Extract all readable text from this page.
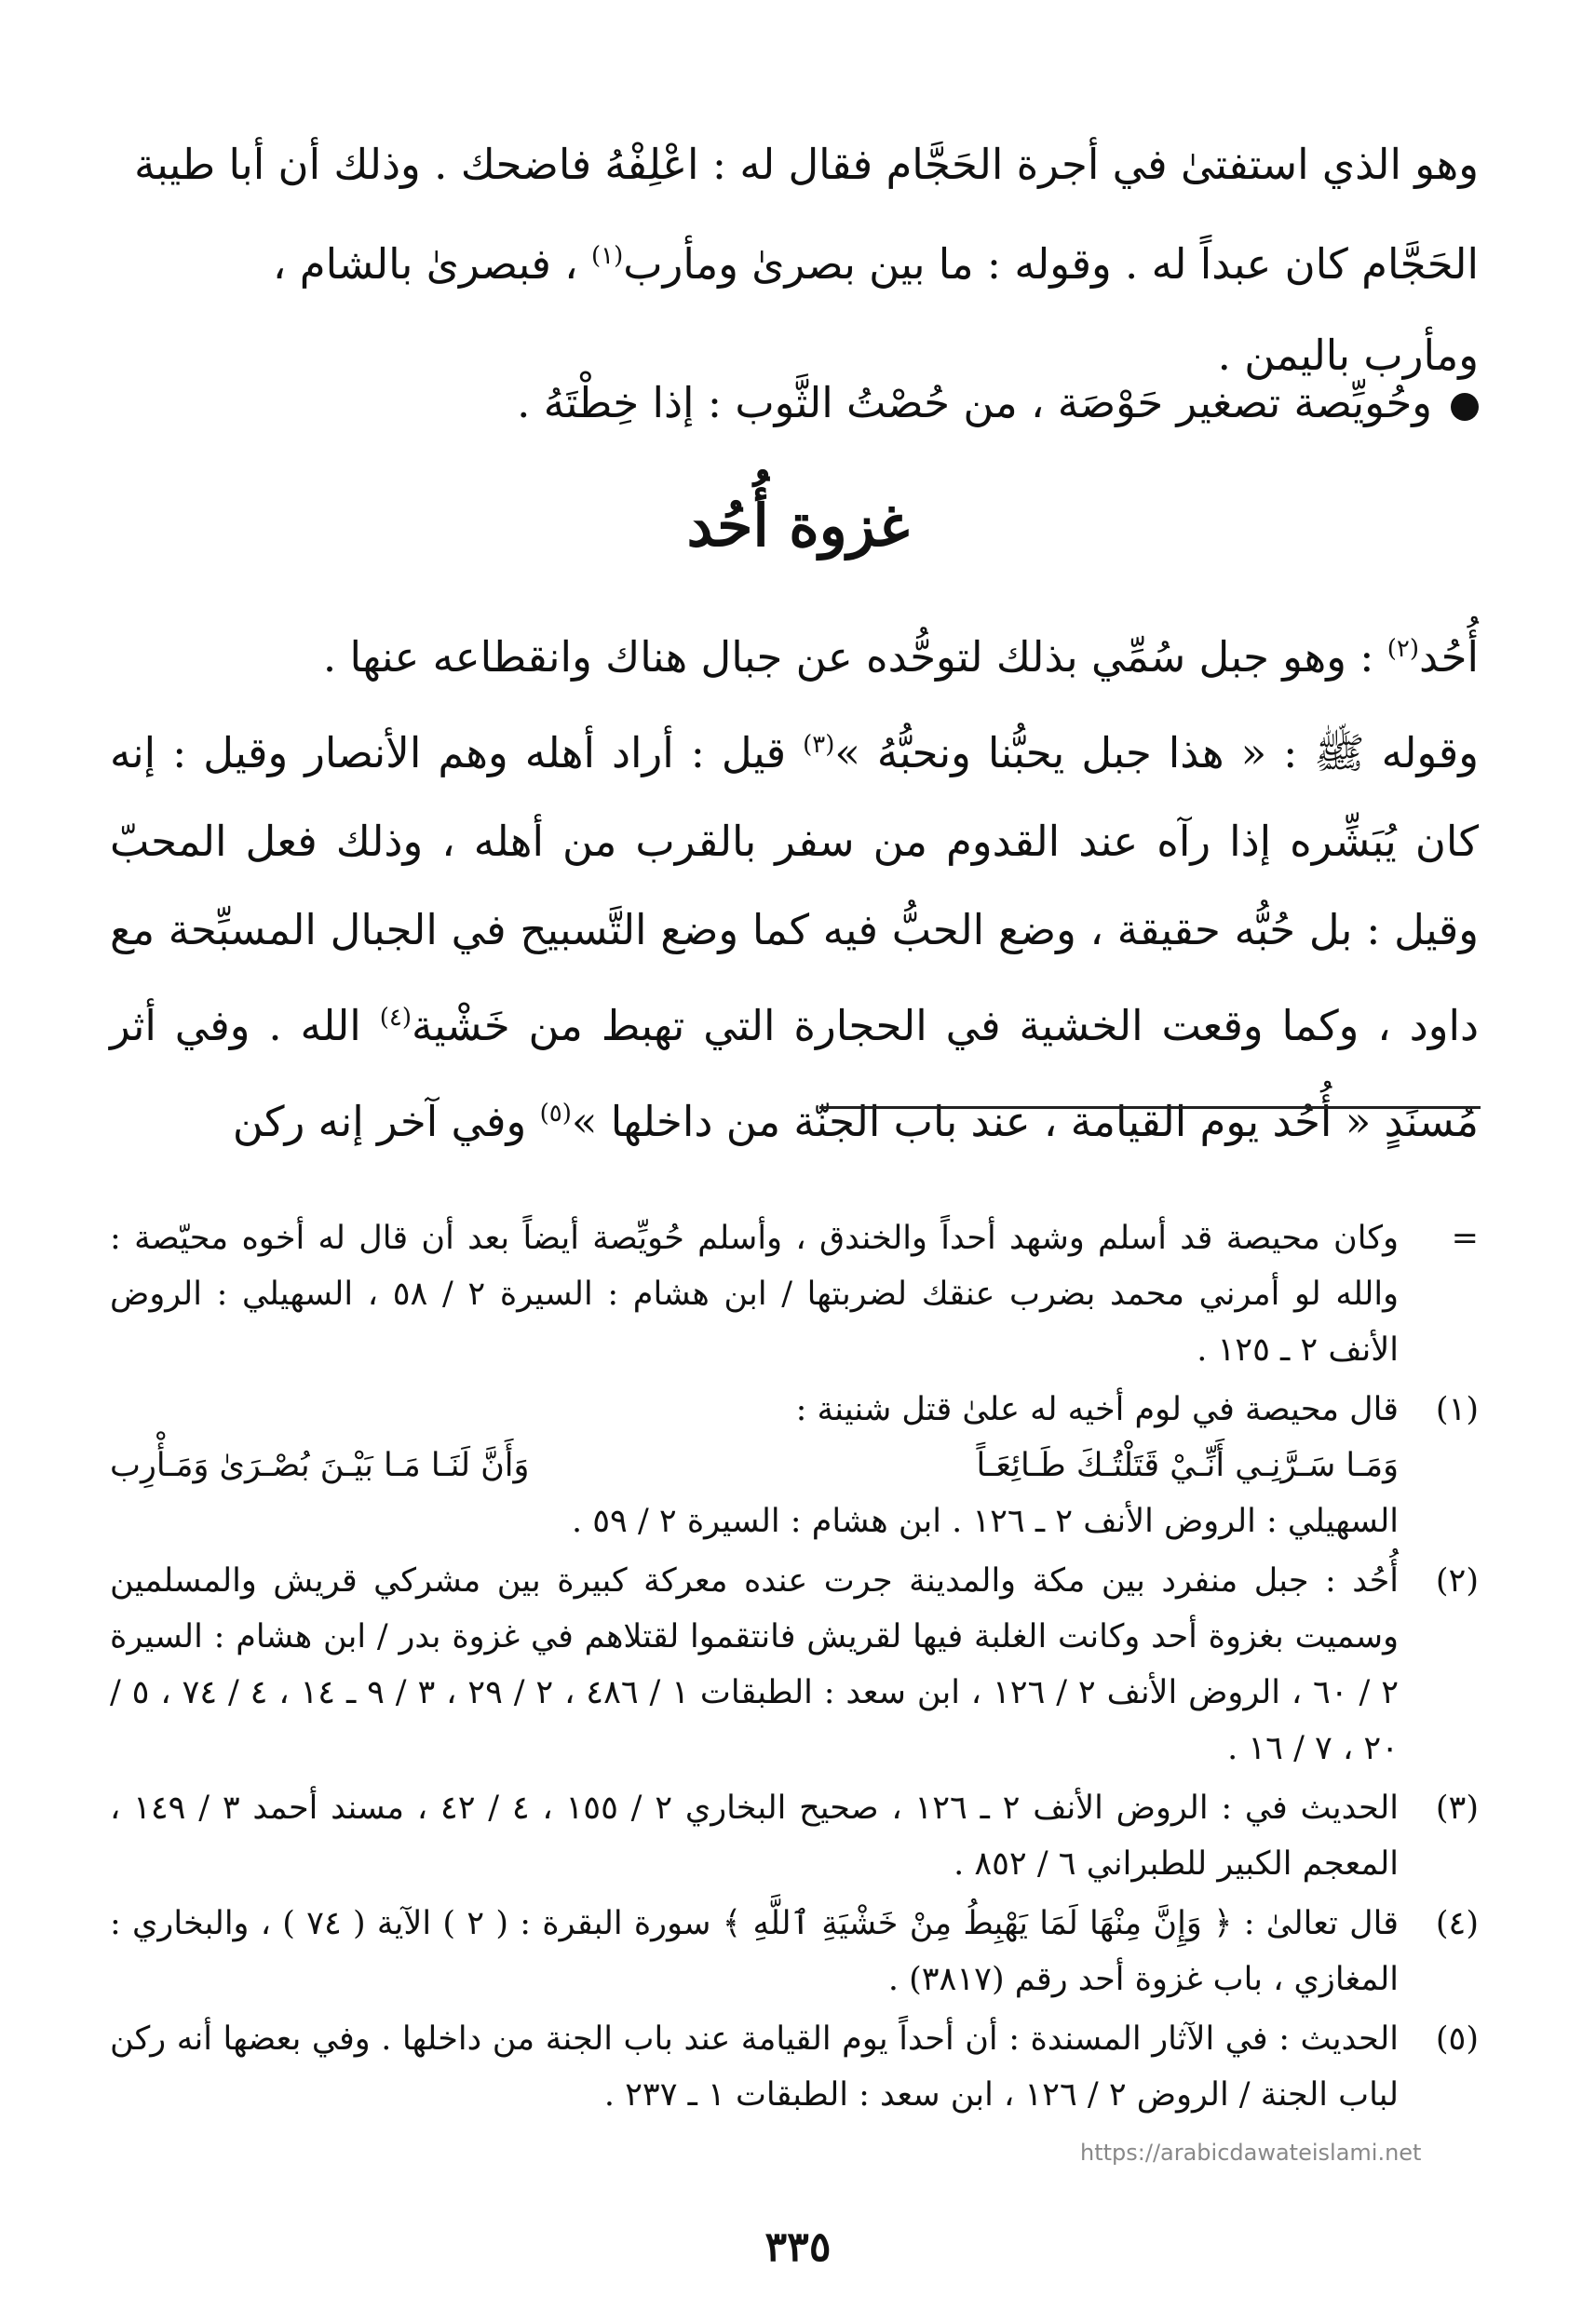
وهو الذي استفتىٰ في أجرة الحَجَّام فقال له : اعْلِفْهُ فاضحك . وذلك أن أبا طيبة

الحَجَّام كان عبداً له . وقوله : ما بين بصرىٰ ومأرب$^{(١)}$ ، فبصرىٰ بالشام ،

ومأرب باليمن .

وحُويِّصة تصغير حَوْصَة ، من حُصْتُ الثَّوب : إذا خِطْتَهُ .
غزوة أُحُد

أُحُد$^{(٢)}$ : وهو جبل سُمِّي بذلك لتوحُّده عن جبال هناك وانقطاعه عنها .

وقوله ﷺ : « هذا جبل يحبُّنا ونحبُّهُ »$^{(٣)}$ قيل : أراد أهله وهم الأنصار وقيل : إنه كان يُبَشِّره إذا رآه عند القدوم من سفر بالقرب من أهله ، وذلك فعل المحبّ وقيل : بل حُبُّه حقيقة ، وضع الحبُّ فيه كما وضع التَّسبيح في الجبال المسبِّحة مع داود ، وكما وقعت الخشية في الحجارة التي تهبط من خَشْية$^{(٤)}$ الله . وفي أثر مُسنَدٍ « أُحُد يوم القيامة ، عند باب الجنّة من داخلها »$^{(٥)}$ وفي آخر إنه ركن

=
وكان محيصة قد أسلم وشهد أحداً والخندق ، وأسلم حُويِّصة أيضاً بعد أن قال له أخوه محيّصة : والله لو أمرني محمد بضرب عنقك لضربتها / ابن هشام : السيرة ٢ / ٥٨ ، السهيلي : الروض الأنف ٢ ـ ١٢٥ .
(١)
قال محيصة في لوم أخيه له علىٰ قتل شنينة :
وَمَـا سَـرَّنِـي أَنِّـيْ قَتَلْتُـكَ طَـائِعَـاً
وَأَنَّ لَنَـا مَـا بَيْـنَ بُصْـرَىٰ وَمَـأْرِب
السهيلي : الروض الأنف ٢ ـ ١٢٦ . ابن هشام : السيرة ٢ / ٥٩ .
(٢)
أُحُد : جبل منفرد بين مكة والمدينة جرت عنده معركة كبيرة بين مشركي قريش والمسلمين وسميت بغزوة أحد وكانت الغلبة فيها لقريش فانتقموا لقتلاهم في غزوة بدر / ابن هشام : السيرة ٢ / ٦٠ ، الروض الأنف ٢ / ١٢٦ ، ابن سعد : الطبقات ١ / ٤٨٦ ، ٢ / ٢٩ ، ٣ / ٩ ـ ١٤ ، ٤ / ٧٤ ، ٥ / ٢٠ ، ٧ / ١٦ .
(٣)
الحديث في : الروض الأنف ٢ ـ ١٢٦ ، صحيح البخاري ٢ / ١٥٥ ، ٤ / ٤٢ ، مسند أحمد ٣ / ١٤٩ ، المعجم الكبير للطبراني ٦ / ٨٥٢ .
(٤)
قال تعالىٰ : ﴿ وَإِنَّ مِنْهَا لَمَا يَهْبِطُ مِنْ خَشْيَةِ ٱللَّهِ ﴾ سورة البقرة : ( ٢ ) الآية ( ٧٤ ) ، والبخاري : المغازي ، باب غزوة أحد رقم (٣٨١٧) .
(٥)
الحديث : في الآثار المسندة : أن أحداً يوم القيامة عند باب الجنة من داخلها . وفي بعضها أنه ركن لباب الجنة / الروض ٢ / ١٢٦ ، ابن سعد : الطبقات ١ ـ ٢٣٧ .
https://arabicdawateislami.net
٣٣٥
